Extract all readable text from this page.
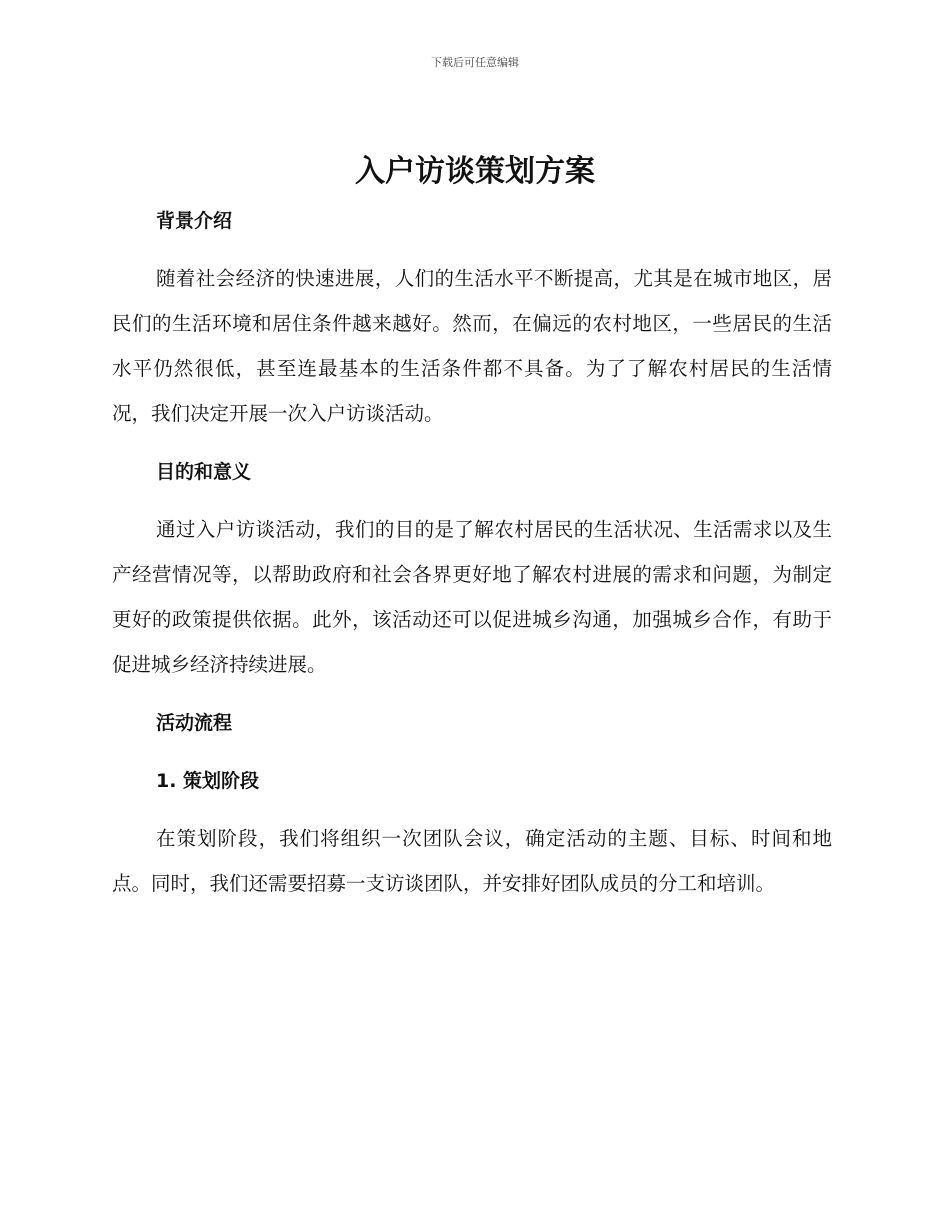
下载后可任意编辑
入户访谈策划方案
背景介绍

随着社会经济的快速进展，人们的生活水平不断提高，尤其是在城市地区，居民们的生活环境和居住条件越来越好。然而，在偏远的农村地区，一些居民的生活水平仍然很低，甚至连最基本的生活条件都不具备。为了了解农村居民的生活情况，我们决定开展一次入户访谈活动。

目的和意义

通过入户访谈活动，我们的目的是了解农村居民的生活状况、生活需求以及生产经营情况等，以帮助政府和社会各界更好地了解农村进展的需求和问题，为制定更好的政策提供依据。此外，该活动还可以促进城乡沟通，加强城乡合作，有助于促进城乡经济持续进展。

活动流程
1. 策划阶段

在策划阶段，我们将组织一次团队会议，确定活动的主题、目标、时间和地点。同时，我们还需要招募一支访谈团队，并安排好团队成员的分工和培训。
